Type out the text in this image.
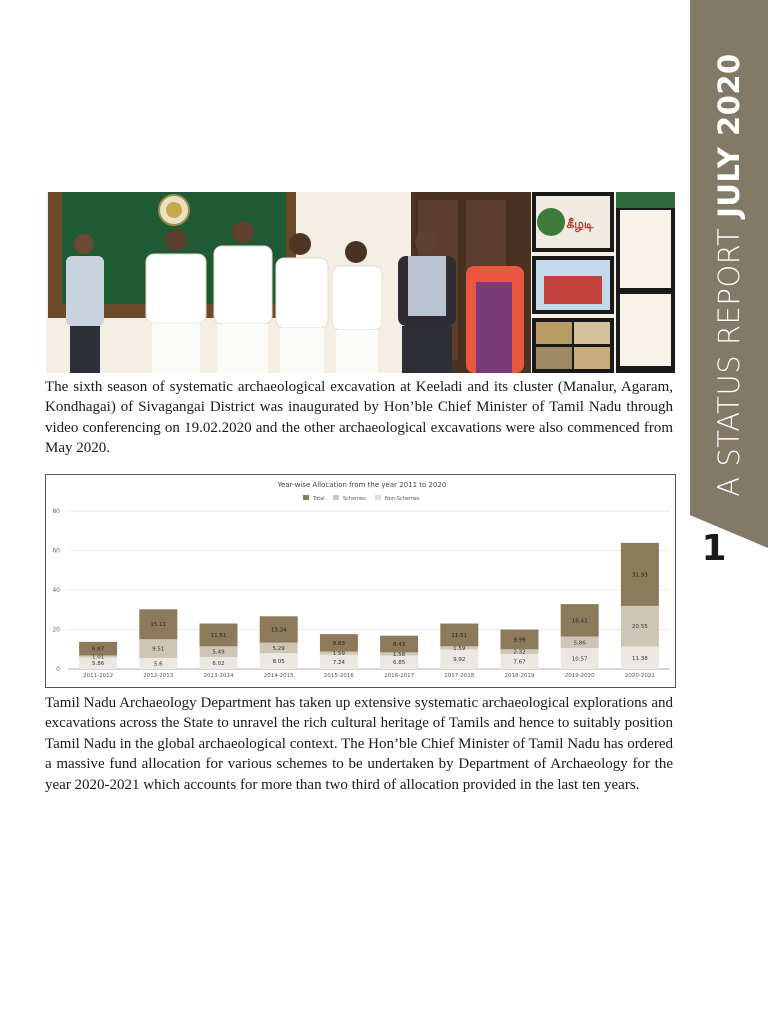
A STATUS REPORT JULY 2020
1
கீழடி

The sixth season of systematic archaeological excavation at Keeladi and its cluster (Manalur, Agaram, Kondhagai) of Sivagangai District was inaugurated by Hon’ble Chief Minister of Tamil Nadu through video conferencing on 19.02.2020 and the other archaeological excavations were also commenced from May 2020.

Year-wise Allocation from the year 2011 to 2020
Total	Schemes	Non-Schemes
0
20
40
60
80
5.86
1.01
6.87
2011-2012
5.6
9.51
15.11
2012-2013
6.02
5.49
11.51
2013-2014
8.05
5.29
13.34
2014-2015
7.24
1.59
8.83
2015-2016
6.85
1.58
8.43
2016-2017
9.92
1.59
11.51
2017-2018
7.67
2.32
9.99
2018-2019
10.57
5.86
16.43
2019-2020
11.38
20.55
31.93
2020-2021

Tamil Nadu Archaeology Department has taken up extensive systematic archaeological explorations and excavations across the State to unravel the rich cultural heritage of Tamils and hence to suitably position Tamil Nadu in the global archaeological context. The Hon’ble Chief Minister of Tamil Nadu has ordered a massive fund allocation for various schemes to be undertaken by Department of Archaeology for the year 2020-2021 which accounts for more than two third of allocation provided in the last ten years.
